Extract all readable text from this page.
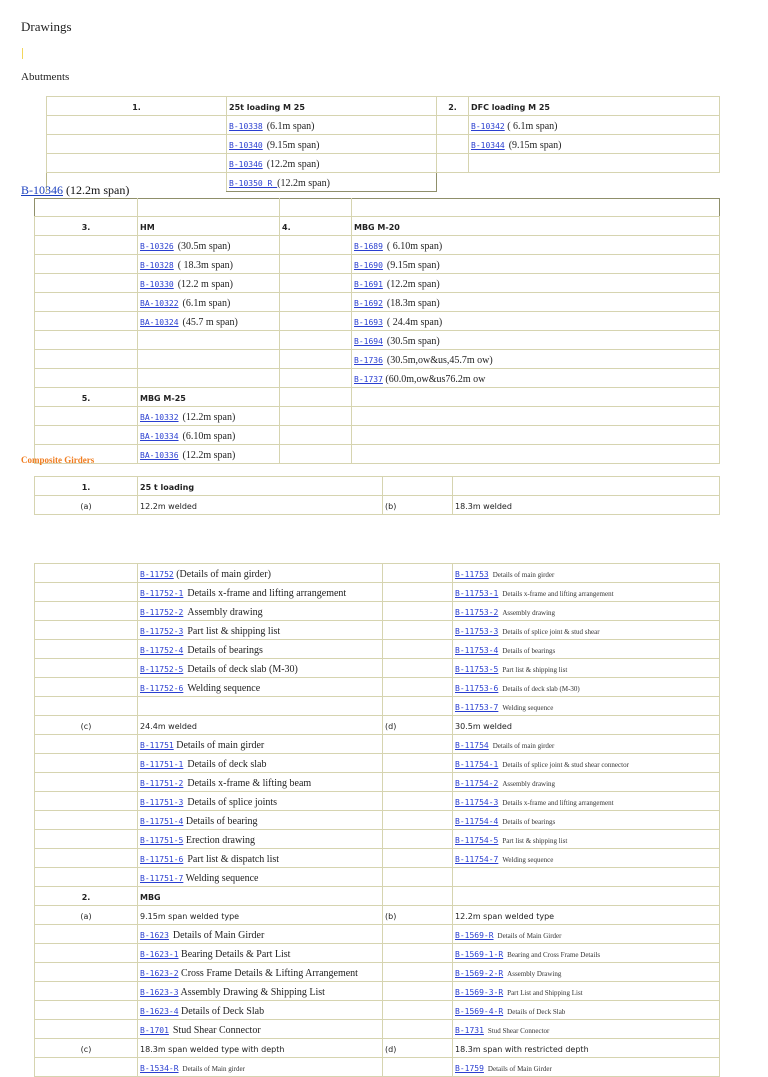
Drawings
Abutments
1.	25t loading M 25	2.	DFC loading M 25
	B-10338 (6.1m span)		B-10342 ( 6.1m span)
	B-10340 (9.15m span)		B-10344 (9.15m span)
	B-10346 (12.2m span)		
	B-10350 R (12.2m span)		
B-10346 (12.2m span)

3.	HM	4.	MBG M-20
	B-10326 (30.5m span)		B-1689 ( 6.10m span)
	B-10328 ( 18.3m span)		B-1690 (9.15m span)
	B-10330 (12.2 m span)		B-1691 (12.2m span)
	BA-10322 (6.1m span)		B-1692 (18.3m span)
	BA-10324 (45.7 m span)		B-1693 ( 24.4m span)
			B-1694 (30.5m span)
			B-1736 (30.5m,ow&us,45.7m ow)
			B-1737 (60.0m,ow&us76.2m ow
5.	MBG M-25		
	BA-10332 (12.2m span)		
	BA-10334 (6.10m span)		
	BA-10336 (12.2m span)		
Composite Girders
1.	25 t loading		
(a)	12.2m welded	(b)	18.3m welded
	B-11752 (Details of main girder)		B-11753 Details of main girder
	B-11752-1 Details x-frame and lifting arrangement		B-11753-1 Details x-frame and lifting arrangement
	B-11752-2 Assembly drawing		B-11753-2 Assembly drawing
	B-11752-3 Part list & shipping list		B-11753-3 Details of splice joint & stud shear
	B-11752-4 Details of bearings		B-11753-4 Details of bearings
	B-11752-5 Details of deck slab (M-30)		B-11753-5 Part list & shipping list
	B-11752-6 Welding sequence		B-11753-6 Details of deck slab (M-30)
			B-11753-7 Welding sequence
(c)	24.4m welded	(d)	30.5m welded
	B-11751 Details of main girder		B-11754 Details of main girder
	B-11751-1 Details of deck slab		B-11754-1 Details of splice joint & stud shear connector
	B-11751-2 Details x-frame & lifting beam		B-11754-2 Assembly drawing
	B-11751-3 Details of splice joints		B-11754-3 Details x-frame and lifting arrangement
	B-11751-4 Details of bearing		B-11754-4 Details of bearings
	B-11751-5 Erection drawing		B-11754-5 Part list & shipping list
	B-11751-6 Part list & dispatch list		B-11754-7 Welding sequence
	B-11751-7 Welding sequence		
2.	MBG		
(a)	9.15m span welded type	(b)	12.2m span welded type
	B-1623 Details of Main Girder		B-1569-R Details of Main Girder
	B-1623-1 Bearing Details & Part List		B-1569-1-R Bearing and Cross Frame Details
	B-1623-2 Cross Frame Details & Lifting Arrangement		B-1569-2-R Assembly Drawing
	B-1623-3 Assembly Drawing & Shipping List		B-1569-3-R Part List and Shipping List
	B-1623-4 Details of Deck Slab		B-1569-4-R Details of Deck Slab
	B-1701 Stud Shear Connector		B-1731 Stud Shear Connector
(c)	18.3m span welded type with depth	(d)	18.3m span with restricted depth
	B-1534-R Details of Main girder		B-1759 Details of Main Girder
